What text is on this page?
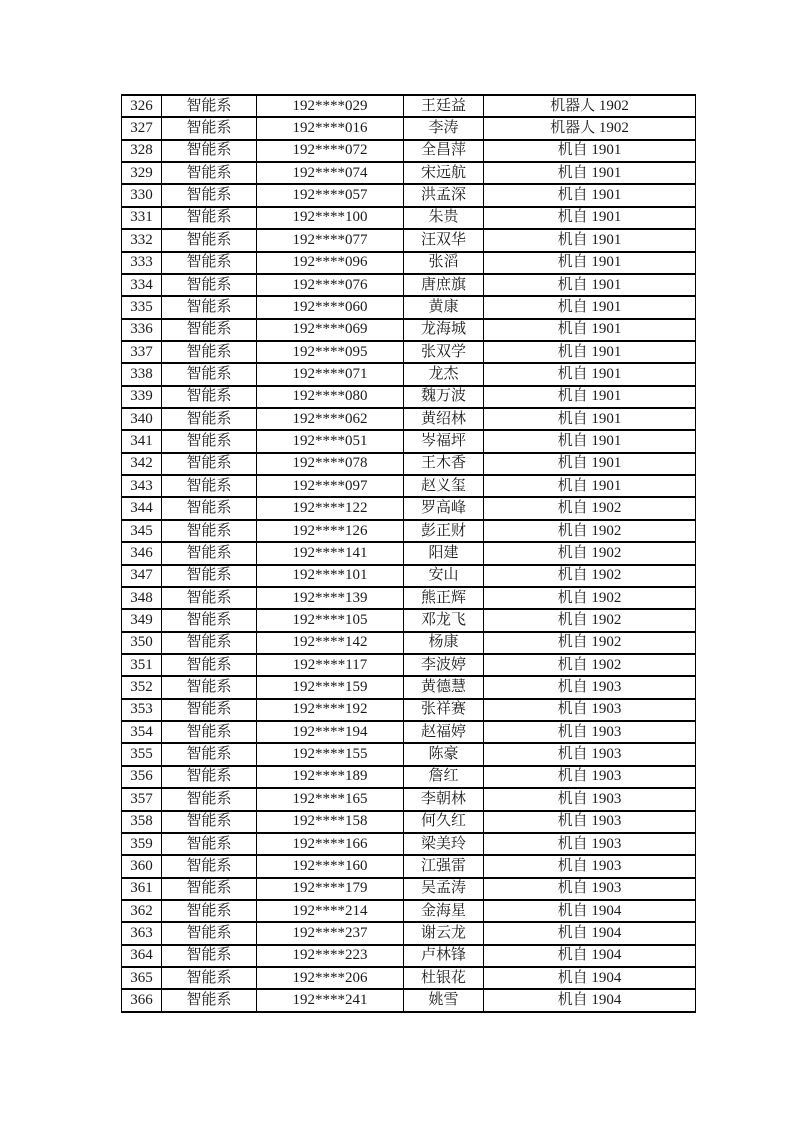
326	智能系	192****029	王廷益	机器人 1902
327	智能系	192****016	李涛	机器人 1902
328	智能系	192****072	全昌萍	机自 1901
329	智能系	192****074	宋远航	机自 1901
330	智能系	192****057	洪孟深	机自 1901
331	智能系	192****100	朱贵	机自 1901
332	智能系	192****077	汪双华	机自 1901
333	智能系	192****096	张滔	机自 1901
334	智能系	192****076	唐庶旗	机自 1901
335	智能系	192****060	黄康	机自 1901
336	智能系	192****069	龙海城	机自 1901
337	智能系	192****095	张双学	机自 1901
338	智能系	192****071	龙杰	机自 1901
339	智能系	192****080	魏万波	机自 1901
340	智能系	192****062	黄绍林	机自 1901
341	智能系	192****051	岑福坪	机自 1901
342	智能系	192****078	王木香	机自 1901
343	智能系	192****097	赵义玺	机自 1901
344	智能系	192****122	罗高峰	机自 1902
345	智能系	192****126	彭正财	机自 1902
346	智能系	192****141	阳建	机自 1902
347	智能系	192****101	安山	机自 1902
348	智能系	192****139	熊正辉	机自 1902
349	智能系	192****105	邓龙飞	机自 1902
350	智能系	192****142	杨康	机自 1902
351	智能系	192****117	李波婷	机自 1902
352	智能系	192****159	黄德慧	机自 1903
353	智能系	192****192	张祥赛	机自 1903
354	智能系	192****194	赵福婷	机自 1903
355	智能系	192****155	陈豪	机自 1903
356	智能系	192****189	詹红	机自 1903
357	智能系	192****165	李朝林	机自 1903
358	智能系	192****158	何久红	机自 1903
359	智能系	192****166	梁美玲	机自 1903
360	智能系	192****160	江强雷	机自 1903
361	智能系	192****179	吴孟涛	机自 1903
362	智能系	192****214	金海星	机自 1904
363	智能系	192****237	谢云龙	机自 1904
364	智能系	192****223	卢林锋	机自 1904
365	智能系	192****206	杜银花	机自 1904
366	智能系	192****241	姚雪	机自 1904
